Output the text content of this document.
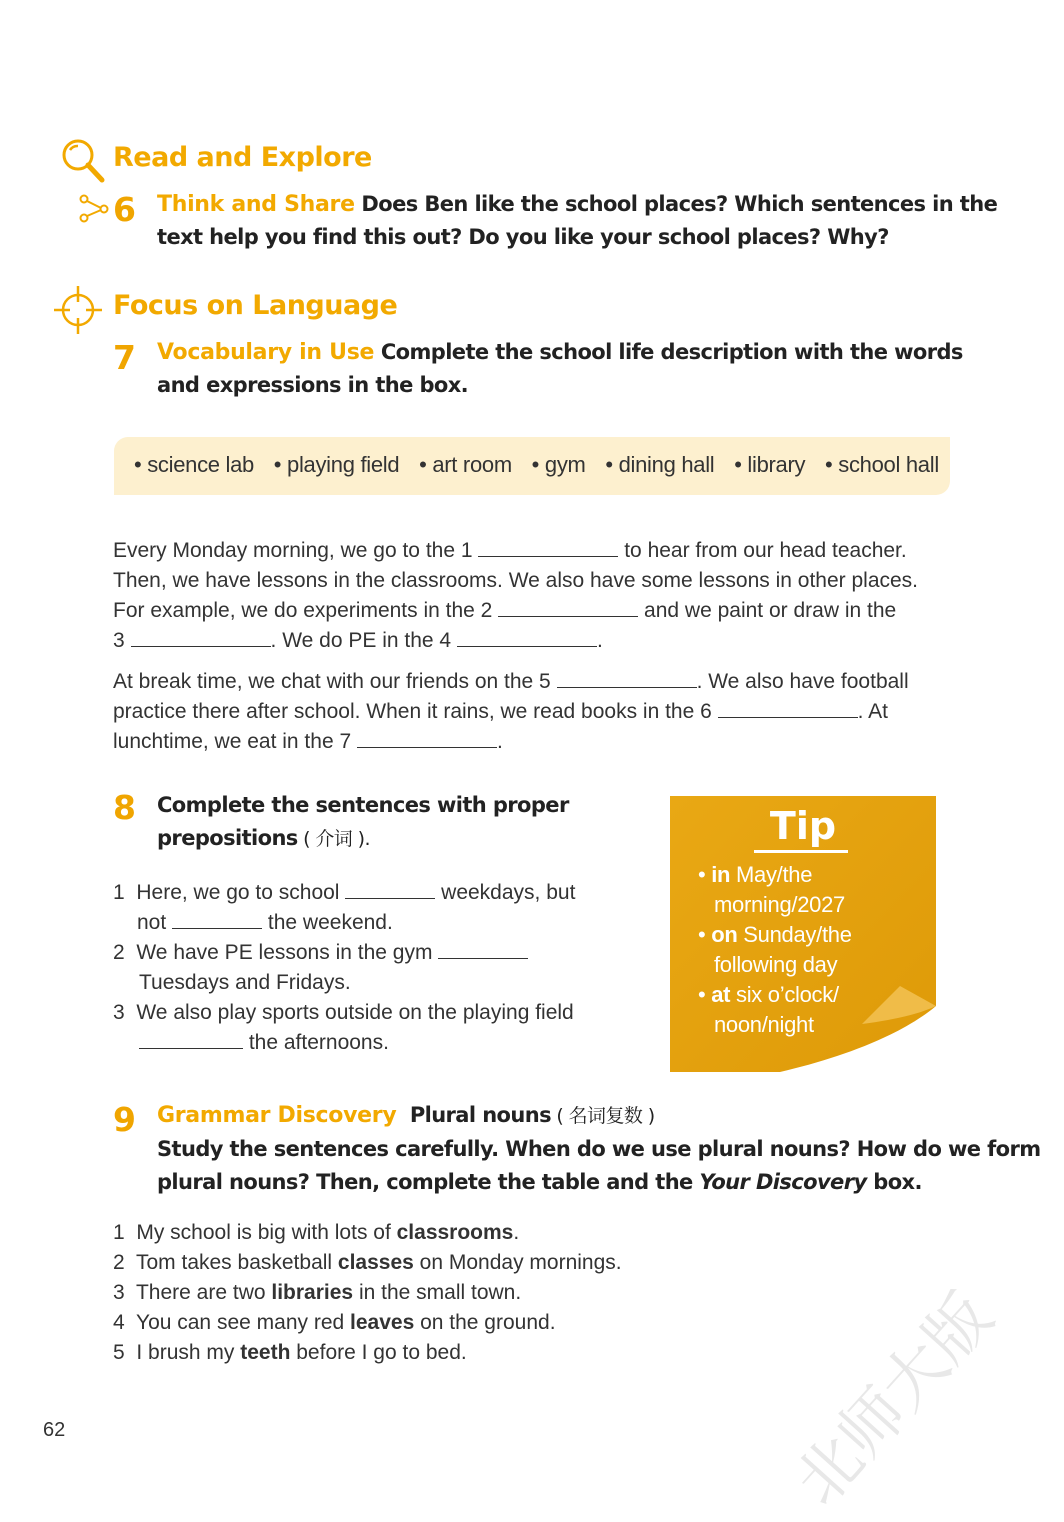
Read and Explore
6 Think and Share Does Ben like the school places? Which sentences in the
text help you find this out? Do you like your school places? Why?
Focus on Language
7 Vocabulary in Use Complete the school life description with the words
and expressions in the box.
• science lab • playing field • art room • gym • dining hall • library • school hall
Every Monday morning, we go to the 1	to hear from our head teacher.
Then, we have lessons in the classrooms. We also have some lessons in other places.
For example, we do experiments in the 2	and we paint or draw in the
3	. We do PE in the 4	.
At break time, we chat with our friends on the 5	. We also have football
practice there after school. When it rains, we read books in the 6	. At
lunchtime, we eat in the 7	.
8 Complete the sentences with proper
prepositions ( 介词 ).
1 Here, we go to school	weekdays, but
not	the weekend.
2 We have PE lessons in the gym
Tuesdays and Fridays.
3 We also play sports outside on the playing field
the afternoons.
Tip
• in May/the
morning/2027
• on Sunday/the
following day
• at six o’clock/
noon/night
9 Grammar Discovery Plural nouns ( 名词复数 )
Study the sentences carefully. When do we use plural nouns? How do we form
plural nouns? Then, complete the table and the Your Discovery box.
1 My school is big with lots of classrooms.
2 Tom takes basketball classes on Monday mornings.
3 There are two libraries in the small town.
4 You can see many red leaves on the ground.
5 I brush my teeth before I go to bed.	北师大版
62
